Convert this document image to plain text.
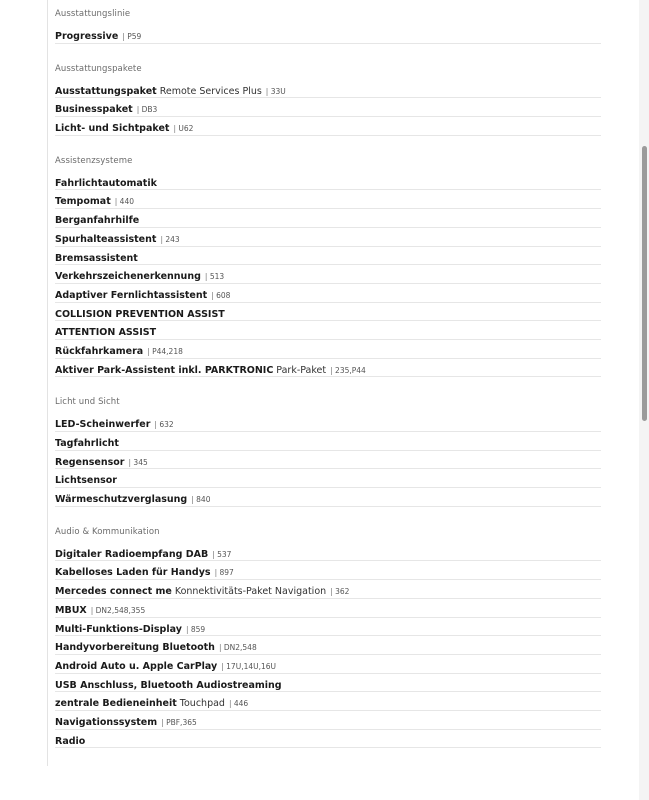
Ausstattungslinie
Progressive | P59
Ausstattungspakete
Ausstattungspaket Remote Services Plus | 33U
Businesspaket | DB3
Licht- und Sichtpaket | U62
Assistenzsysteme
Fahrlichtautomatik
Tempomat | 440
Berganfahrhilfe
Spurhalteassistent | 243
Bremsassistent
Verkehrszeichenerkennung | 513
Adaptiver Fernlichtassistent | 608
COLLISION PREVENTION ASSIST
ATTENTION ASSIST
Rückfahrkamera | P44,218
Aktiver Park-Assistent inkl. PARKTRONIC Park-Paket | 235,P44
Licht und Sicht
LED-Scheinwerfer | 632
Tagfahrlicht
Regensensor | 345
Lichtsensor
Wärmeschutzverglasung | 840
Audio & Kommunikation
Digitaler Radioempfang DAB | 537
Kabelloses Laden für Handys | 897
Mercedes connect me Konnektivitäts-Paket Navigation | 362
MBUX | DN2,548,355
Multi-Funktions-Display | 859
Handyvorbereitung Bluetooth | DN2,548
Android Auto u. Apple CarPlay | 17U,14U,16U
USB Anschluss, Bluetooth Audiostreaming
zentrale Bedieneinheit Touchpad | 446
Navigationssystem | PBF,365
Radio
